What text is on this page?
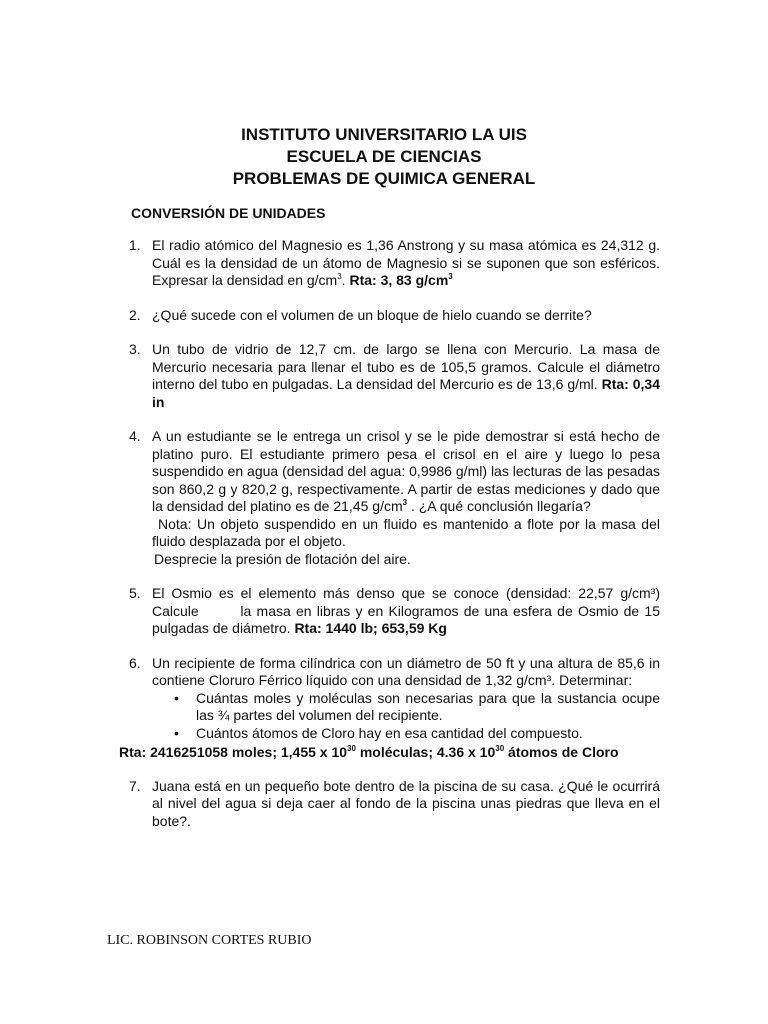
INSTITUTO UNIVERSITARIO LA UIS
ESCUELA DE CIENCIAS
PROBLEMAS DE QUIMICA GENERAL
CONVERSIÓN DE UNIDADES
1. El radio atómico del Magnesio es 1,36 Anstrong y su masa atómica es 24,312 g. Cuál es la densidad de un átomo de Magnesio si se suponen que son esféricos. Expresar la densidad en $g/cm^3$. Rta: 3, 83 $g/cm^3$
2. ¿Qué sucede con el volumen de un bloque de hielo cuando se derrite?
3. Un tubo de vidrio de 12,7 cm. de largo se llena con Mercurio. La masa de Mercurio necesaria para llenar el tubo es de 105,5 gramos. Calcule el diámetro interno del tubo en pulgadas. La densidad del Mercurio es de 13,6 g/ml. Rta: 0,34 in
4. A un estudiante se le entrega un crisol y se le pide demostrar si está hecho de platino puro. El estudiante primero pesa el crisol en el aire y luego lo pesa suspendido en agua (densidad del agua: 0,9986 g/ml) las lecturas de las pesadas son 860,2 g y 820,2 g, respectivamente. A partir de estas mediciones y dado que la densidad del platino es de 21,45 $g/cm^3$ . ¿A qué conclusión llegaría?
Nota: Un objeto suspendido en un fluido es mantenido a flote por la masa del fluido desplazada por el objeto.
Desprecie la presión de flotación del aire.
5. El Osmio es el elemento más denso que se conoce (densidad: 22,57 g/cm³) Calcule        la masa en libras y en Kilogramos de una esfera de Osmio de 15 pulgadas de diámetro. Rta: 1440 lb; 653,59 Kg
6. Un recipiente de forma cilíndrica con un diámetro de 50 ft y una altura de 85,6 in contiene Cloruro Férrico líquido con una densidad de 1,32 g/cm³. Determinar:
• Cuántas moles y moléculas son necesarias para que la sustancia ocupe las ¾ partes del volumen del recipiente.
• Cuántos átomos de Cloro hay en esa cantidad del compuesto.
Rta: 2416251058 moles; 1,455 x $10^{30}$ moléculas; 4.36 x $10^{30}$ átomos de Cloro
7. Juana está en un pequeño bote dentro de la piscina de su casa. ¿Qué le ocurrirá al nivel del agua si deja caer al fondo de la piscina unas piedras que lleva en el bote?.
LIC. ROBINSON CORTES RUBIO
